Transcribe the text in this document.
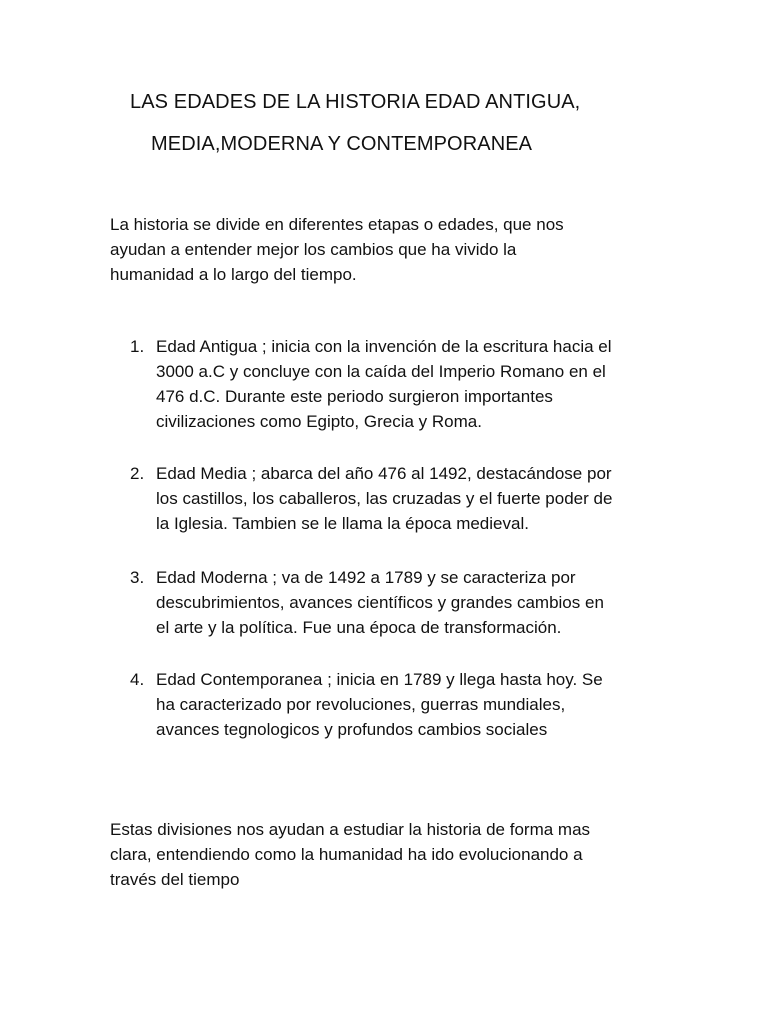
LAS EDADES DE LA HISTORIA EDAD ANTIGUA,
MEDIA,MODERNA Y CONTEMPORANEA

La historia se divide en diferentes etapas o edades, que nos
ayudan a entender mejor los cambios que ha vivido la
humanidad a lo largo del tiempo.

1. Edad Antigua ; inicia con la invención de la escritura hacia el
3000 a.C y concluye con la caída del Imperio Romano en el
476 d.C. Durante este periodo surgieron importantes
civilizaciones como Egipto, Grecia y Roma.
2. Edad Media ; abarca del año 476 al 1492, destacándose por
los castillos, los caballeros, las cruzadas y el fuerte poder de
la Iglesia. Tambien se le llama la época medieval.
3. Edad Moderna ; va de 1492 a 1789 y se caracteriza por
descubrimientos, avances científicos y grandes cambios en
el arte y la política. Fue una época de transformación.
4. Edad Contemporanea ; inicia en 1789 y llega hasta hoy. Se
ha caracterizado por revoluciones, guerras mundiales,
avances tegnologicos y profundos cambios sociales

Estas divisiones nos ayudan a estudiar la historia de forma mas
clara, entendiendo como la humanidad ha ido evolucionando a
través del tiempo
